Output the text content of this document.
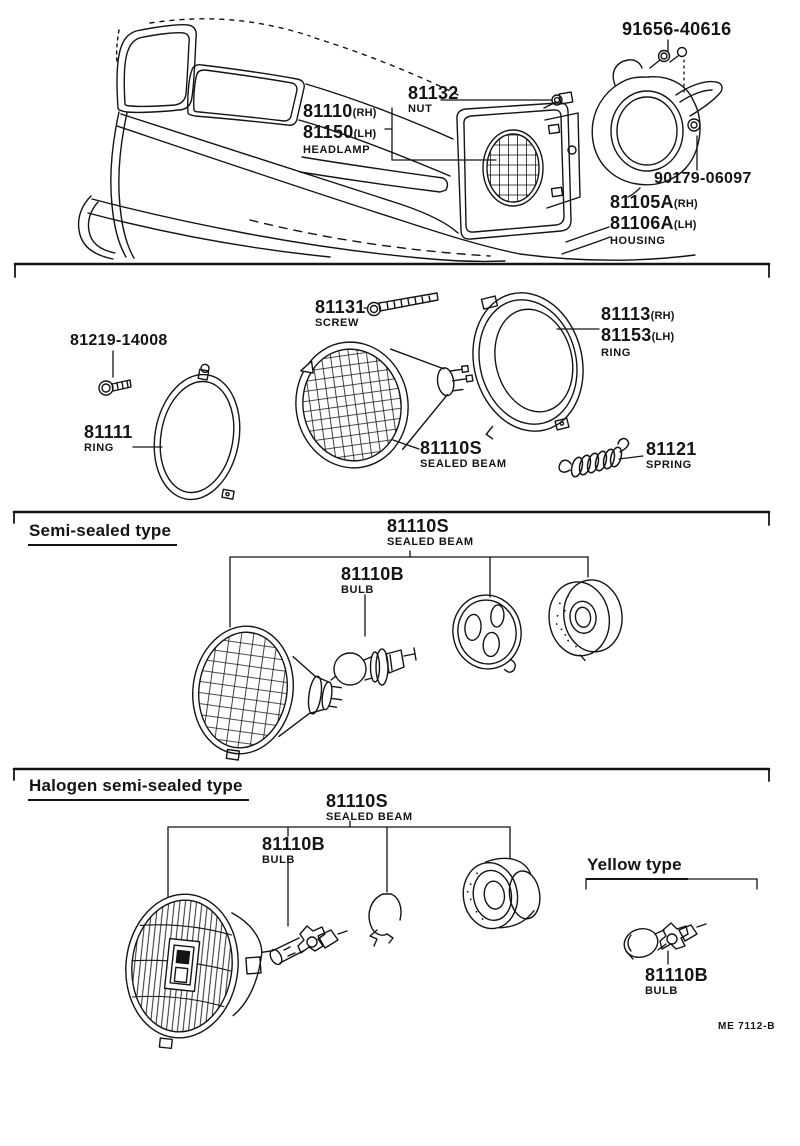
91656-40616
81132
NUT
81110(RH)
81150(LH)
HEADLAMP
90179-06097
81105A(RH)
81106A(LH)
HOUSING
81131
SCREW
81219-14008
81111
RING	81110S
SEALED BEAM
81113(RH)
81153(LH)
RING
81121
SPRING
Semi-sealed type	81110S
SEALED BEAM
81110B
BULB
Halogen semi-sealed type
81110S
SEALED BEAM
81110B
BULB	Yellow type
81110B
BULB
ME 7112-B
